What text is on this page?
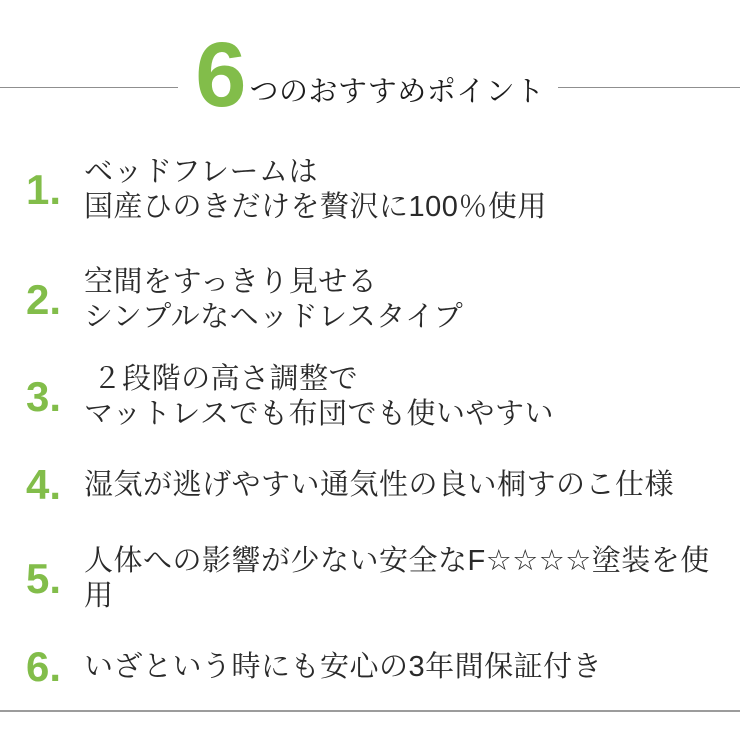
6 つのおすすめポイント
1. ベッドフレームは
国産ひのきだけを贅沢に100％使用
2. 空間をすっきり見せる
シンプルなヘッドレスタイプ
3. ２段階の高さ調整で
マットレスでも布団でも使いやすい
4. 湿気が逃げやすい通気性の良い桐すのこ仕様
5. 人体への影響が少ない安全なF☆☆☆☆塗装を使用
6. いざという時にも安心の3年間保証付き
